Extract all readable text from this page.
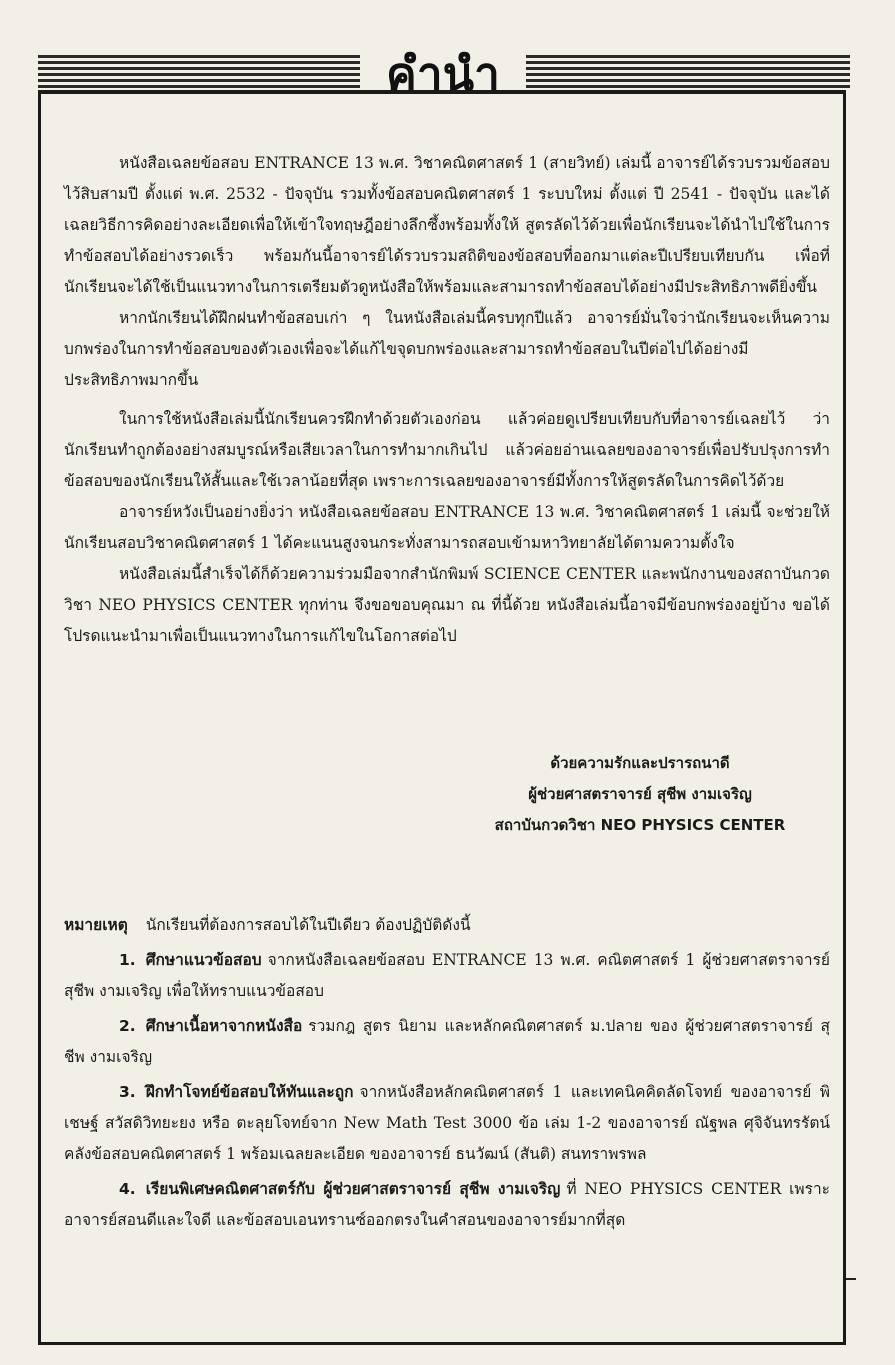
คำนำ

หนังสือเฉลยข้อสอบ ENTRANCE 13 พ.ศ. วิชาคณิตศาสตร์ 1 (สายวิทย์) เล่มนี้ อาจารย์ได้รวบรวมข้อสอบไว้สิบสามปี ตั้งแต่ พ.ศ. 2532 - ปัจจุบัน รวมทั้งข้อสอบคณิตศาสตร์ 1 ระบบใหม่ ตั้งแต่ ปี 2541 - ปัจจุบัน และได้เฉลยวิธีการคิดอย่างละเอียดเพื่อให้เข้าใจทฤษฎีอย่างลึกซึ้งพร้อมทั้งให้ สูตรลัดไว้ด้วยเพื่อนักเรียนจะได้นำไปใช้ในการทำข้อสอบได้อย่างรวดเร็ว พร้อมกันนี้อาจารย์ได้รวบรวมสถิติของข้อสอบที่ออกมาแต่ละปีเปรียบเทียบกัน เพื่อที่นักเรียนจะได้ใช้เป็นแนวทางในการเตรียมตัวดูหนังสือให้พร้อมและสามารถทำข้อสอบได้อย่างมีประสิทธิภาพดียิ่งขึ้น

หากนักเรียนได้ฝึกฝนทำข้อสอบเก่า ๆ ในหนังสือเล่มนี้ครบทุกปีแล้ว อาจารย์มั่นใจว่านักเรียนจะเห็นความบกพร่องในการทำข้อสอบของตัวเองเพื่อจะได้แก้ไขจุดบกพร่องและสามารถทำข้อสอบในปีต่อไปได้อย่างมีประสิทธิภาพมากขึ้น

ในการใช้หนังสือเล่มนี้นักเรียนควรฝึกทำด้วยตัวเองก่อน แล้วค่อยดูเปรียบเทียบกับที่อาจารย์เฉลยไว้ ว่านักเรียนทำถูกต้องอย่างสมบูรณ์หรือเสียเวลาในการทำมากเกินไป แล้วค่อยอ่านเฉลยของอาจารย์เพื่อปรับปรุงการทำข้อสอบของนักเรียนให้สั้นและใช้เวลาน้อยที่สุด เพราะการเฉลยของอาจารย์มีทั้งการให้สูตรลัดในการคิดไว้ด้วย

อาจารย์หวังเป็นอย่างยิ่งว่า หนังสือเฉลยข้อสอบ ENTRANCE 13 พ.ศ. วิชาคณิตศาสตร์ 1 เล่มนี้ จะช่วยให้นักเรียนสอบวิชาคณิตศาสตร์ 1 ได้คะแนนสูงจนกระทั่งสามารถสอบเข้ามหาวิทยาลัยได้ตามความตั้งใจ

หนังสือเล่มนี้สำเร็จได้ก็ด้วยความร่วมมือจากสำนักพิมพ์ SCIENCE CENTER และพนักงานของสถาบันกวดวิชา NEO PHYSICS CENTER ทุกท่าน จึงขอขอบคุณมา ณ ที่นี้ด้วย หนังสือเล่มนี้อาจมีข้อบกพร่องอยู่บ้าง ขอได้โปรดแนะนำมาเพื่อเป็นแนวทางในการแก้ไขในโอกาสต่อไป

ด้วยความรักและปรารถนาดี
ผู้ช่วยศาสตราจารย์ สุชีพ งามเจริญ
สถาบันกวดวิชา NEO PHYSICS CENTER

หมายเหตุ นักเรียนที่ต้องการสอบได้ในปีเดียว ต้องปฏิบัติดังนี้

1. ศึกษาแนวข้อสอบ จากหนังสือเฉลยข้อสอบ ENTRANCE 13 พ.ศ. คณิตศาสตร์ 1 ผู้ช่วยศาสตราจารย์ สุชีพ งามเจริญ เพื่อให้ทราบแนวข้อสอบ

2. ศึกษาเนื้อหาจากหนังสือ รวมกฎ สูตร นิยาม และหลักคณิตศาสตร์ ม.ปลาย ของ ผู้ช่วยศาสตราจารย์ สุชีพ งามเจริญ

3. ฝึกทำโจทย์ข้อสอบให้ทันและถูก จากหนังสือหลักคณิตศาสตร์ 1 และเทคนิคคิดลัดโจทย์ ของอาจารย์ พิเชษฐ์ สวัสดิวิทยะยง หรือ ตะลุยโจทย์จาก New Math Test 3000 ข้อ เล่ม 1-2 ของอาจารย์ ณัฐพล ศุจิจันทรรัตน์ คลังข้อสอบคณิตศาสตร์ 1 พร้อมเฉลยละเอียด ของอาจารย์ ธนวัฒน์ (สันติ) สนทราพรพล

4. เรียนพิเศษคณิตศาสตร์กับ ผู้ช่วยศาสตราจารย์ สุชีพ งามเจริญ ที่ NEO PHYSICS CENTER เพราะอาจารย์สอนดีและใจดี และข้อสอบเอนทรานซ์ออกตรงในคำสอนของอาจารย์มากที่สุด
